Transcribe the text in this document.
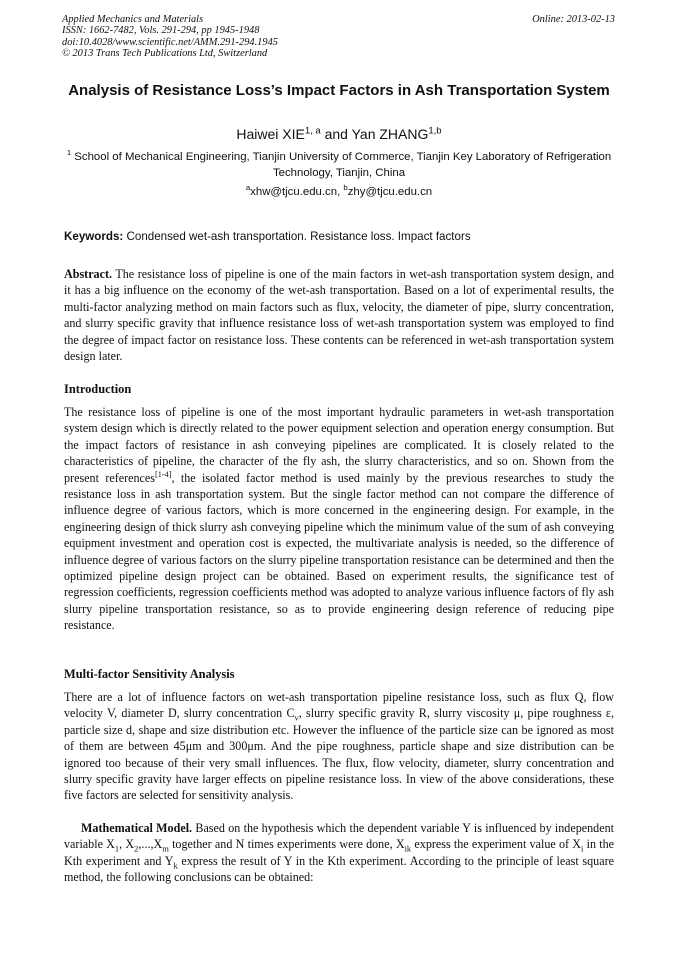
Applied Mechanics and Materials
ISSN: 1662-7482, Vols. 291-294, pp 1945-1948
doi:10.4028/www.scientific.net/AMM.291-294.1945
© 2013 Trans Tech Publications Ltd, Switzerland
Online: 2013-02-13
Analysis of Resistance Loss’s Impact Factors in Ash Transportation System
Haiwei XIE$^{1, a}$ and Yan ZHANG$^{1,b}$
$^1$ School of Mechanical Engineering, Tianjin University of Commerce, Tianjin Key Laboratory of Refrigeration Technology, Tianjin, China
$^a$xhw@tjcu.edu.cn, $^b$zhy@tjcu.edu.cn
Keywords: Condensed wet-ash transportation. Resistance loss. Impact factors
Abstract. The resistance loss of pipeline is one of the main factors in wet-ash transportation system design, and it has a big influence on the economy of the wet-ash transportation. Based on a lot of experimental results, the multi-factor analyzing method on main factors such as flux, velocity, the diameter of pipe, slurry concentration, and slurry specific gravity that influence resistance loss of wet-ash transportation system was employed to find the degree of impact factor on resistance loss. These contents can be referenced in wet-ash transportation system design later.
Introduction
The resistance loss of pipeline is one of the most important hydraulic parameters in wet-ash transportation system design which is directly related to the power equipment selection and operation energy consumption. But the impact factors of resistance in ash conveying pipelines are complicated. It is closely related to the characteristics of pipeline, the character of the fly ash, the slurry characteristics, and so on. Shown from the present references[1-4], the isolated factor method is used mainly by the previous researches to study the resistance loss in ash transportation system. But the single factor method can not compare the difference of influence degree of various factors, which is more concerned in the engineering design. For example, in the engineering design of thick slurry ash conveying pipeline which the minimum value of the sum of ash conveying equipment investment and operation cost is expected, the multivariate analysis is needed, so the difference of influence degree of various factors on the slurry pipeline transportation resistance can be determined and then the optimized pipeline design project can be obtained. Based on experiment results, the significance test of regression coefficients, regression coefficients method was adopted to analyze various influence factors of fly ash slurry pipeline transportation resistance, so as to provide engineering design reference of reducing pipe resistance.
Multi-factor Sensitivity Analysis
There are a lot of influence factors on wet-ash transportation pipeline resistance loss, such as flux Q, flow velocity V, diameter D, slurry concentration $C_v$, slurry specific gravity R, slurry viscosity μ, pipe roughness ε, particle size d, shape and size distribution etc. However the influence of the particle size can be ignored as most of them are between 45μm and 300μm. And the pipe roughness, particle shape and size distribution can be ignored too because of their very small influences. The flux, flow velocity, diameter, slurry concentration and slurry specific gravity have larger effects on pipeline resistance loss. In view of the above considerations, these five factors are selected for sensitivity analysis.
Mathematical Model. Based on the hypothesis which the dependent variable Y is influenced by independent variable $X_1$, $X_2,...,X_m$ together and N times experiments were done, $X_{ik}$ express the experiment value of $X_i$ in the Kth experiment and $Y_k$ express the result of Y in the Kth experiment. According to the principle of least square method, the following conclusions can be obtained:
